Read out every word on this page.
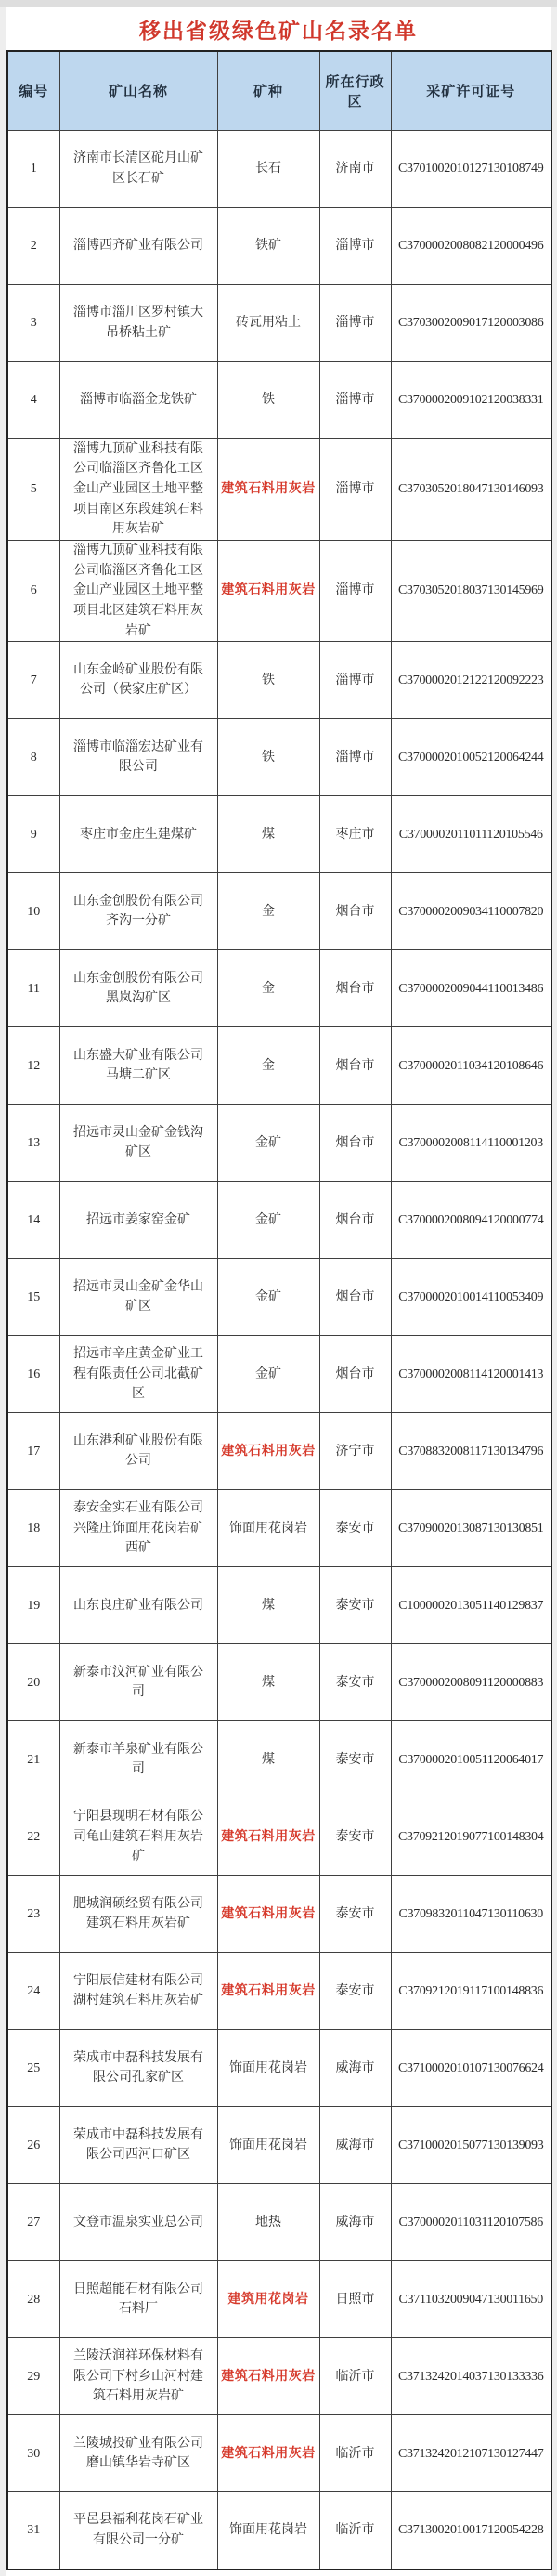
移出省级绿色矿山名录名单
编号	矿山名称	矿种	所在行政区	采矿许可证号
1	济南市长清区砣月山矿区长石矿	长石	济南市	C3701002010127130108749
2	淄博西齐矿业有限公司	铁矿	淄博市	C3700002008082120000496
3	淄博市淄川区罗村镇大吊桥粘土矿	砖瓦用粘土	淄博市	C3703002009017120003086
4	淄博市临淄金龙铁矿	铁	淄博市	C3700002009102120038331
5	淄博九顶矿业科技有限公司临淄区齐鲁化工区金山产业园区土地平整项目南区东段建筑石料用灰岩矿	建筑石料用灰岩	淄博市	C3703052018047130146093
6	淄博九顶矿业科技有限公司临淄区齐鲁化工区金山产业园区土地平整项目北区建筑石料用灰岩矿	建筑石料用灰岩	淄博市	C3703052018037130145969
7	山东金岭矿业股份有限公司（侯家庄矿区）	铁	淄博市	C3700002012122120092223
8	淄博市临淄宏达矿业有限公司	铁	淄博市	C3700002010052120064244
9	枣庄市金庄生建煤矿	煤	枣庄市	C3700002011011120105546
10	山东金创股份有限公司齐沟一分矿	金	烟台市	C3700002009034110007820
11	山东金创股份有限公司黑岚沟矿区	金	烟台市	C3700002009044110013486
12	山东盛大矿业有限公司马塘二矿区	金	烟台市	C3700002011034120108646
13	招远市灵山金矿金钱沟矿区	金矿	烟台市	C3700002008114110001203
14	招远市姜家窑金矿	金矿	烟台市	C3700002008094120000774
15	招远市灵山金矿金华山矿区	金矿	烟台市	C3700002010014110053409
16	招远市辛庄黄金矿业工程有限责任公司北截矿区	金矿	烟台市	C3700002008114120001413
17	山东港利矿业股份有限公司	建筑石料用灰岩	济宁市	C3708832008117130134796
18	泰安金实石业有限公司兴隆庄饰面用花岗岩矿西矿	饰面用花岗岩	泰安市	C3709002013087130130851
19	山东良庄矿业有限公司	煤	泰安市	C1000002013051140129837
20	新泰市汶河矿业有限公司	煤	泰安市	C3700002008091120000883
21	新泰市羊泉矿业有限公司	煤	泰安市	C3700002010051120064017
22	宁阳县现明石材有限公司龟山建筑石料用灰岩矿	建筑石料用灰岩	泰安市	C3709212019077100148304
23	肥城润硕经贸有限公司建筑石料用灰岩矿	建筑石料用灰岩	泰安市	C3709832011047130110630
24	宁阳辰信建材有限公司湖村建筑石料用灰岩矿	建筑石料用灰岩	泰安市	C3709212019117100148836
25	荣成市中磊科技发展有限公司孔家矿区	饰面用花岗岩	威海市	C3710002010107130076624
26	荣成市中磊科技发展有限公司西河口矿区	饰面用花岗岩	威海市	C3710002015077130139093
27	文登市温泉实业总公司	地热	威海市	C3700002011031120107586
28	日照超能石材有限公司石料厂	建筑用花岗岩	日照市	C3711032009047130011650
29	兰陵沃润祥环保材料有限公司下村乡山河村建筑石料用灰岩矿	建筑石料用灰岩	临沂市	C3713242014037130133336
30	兰陵城投矿业有限公司磨山镇华岩寺矿区	建筑石料用灰岩	临沂市	C3713242012107130127447
31	平邑县福利花岗石矿业有限公司一分矿	饰面用花岗岩	临沂市	C3713002010017120054228
